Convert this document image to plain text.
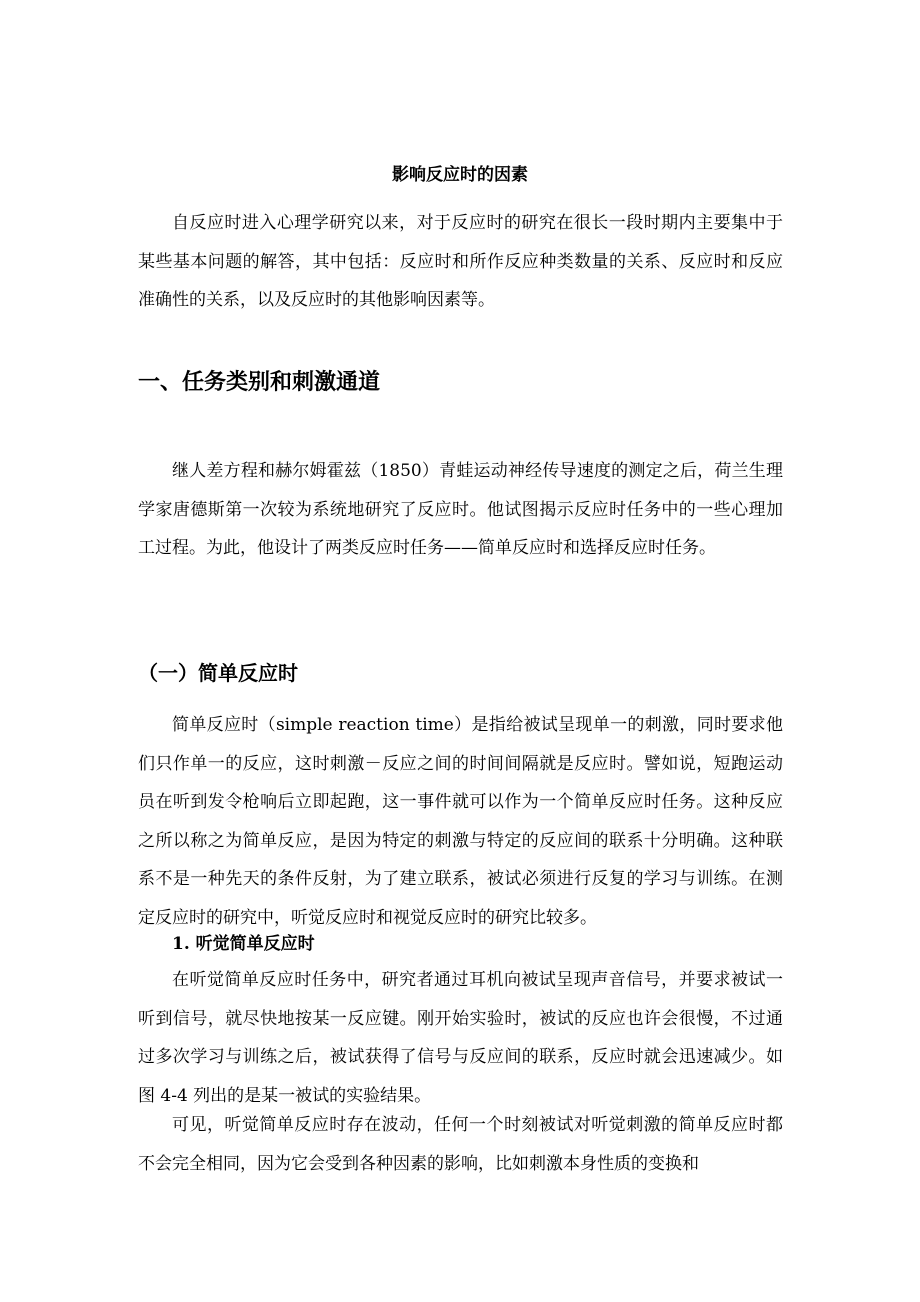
影响反应时的因素

自反应时进入心理学研究以来，对于反应时的研究在很长一段时期内主要集中于某些基本问题的解答，其中包括：反应时和所作反应种类数量的关系、反应时和反应准确性的关系，以及反应时的其他影响因素等。

一、任务类别和刺激通道

继人差方程和赫尔姆霍兹（1850）青蛙运动神经传导速度的测定之后，荷兰生理学家唐德斯第一次较为系统地研究了反应时。他试图揭示反应时任务中的一些心理加工过程。为此，他设计了两类反应时任务——简单反应时和选择反应时任务。

（一）简单反应时

简单反应时（simple reaction time）是指给被试呈现单一的刺激，同时要求他们只作单一的反应，这时刺激－反应之间的时间间隔就是反应时。譬如说，短跑运动员在听到发令枪响后立即起跑，这一事件就可以作为一个简单反应时任务。这种反应之所以称之为简单反应，是因为特定的刺激与特定的反应间的联系十分明确。这种联系不是一种先天的条件反射，为了建立联系，被试必须进行反复的学习与训练。在测定反应时的研究中，听觉反应时和视觉反应时的研究比较多。

1. 听觉简单反应时

在听觉简单反应时任务中，研究者通过耳机向被试呈现声音信号，并要求被试一听到信号，就尽快地按某一反应键。刚开始实验时，被试的反应也许会很慢，不过通过多次学习与训练之后，被试获得了信号与反应间的联系，反应时就会迅速减少。如图 4-4 列出的是某一被试的实验结果。

可见，听觉简单反应时存在波动，任何一个时刻被试对听觉刺激的简单反应时都不会完全相同，因为它会受到各种因素的影响，比如刺激本身性质的变换和
